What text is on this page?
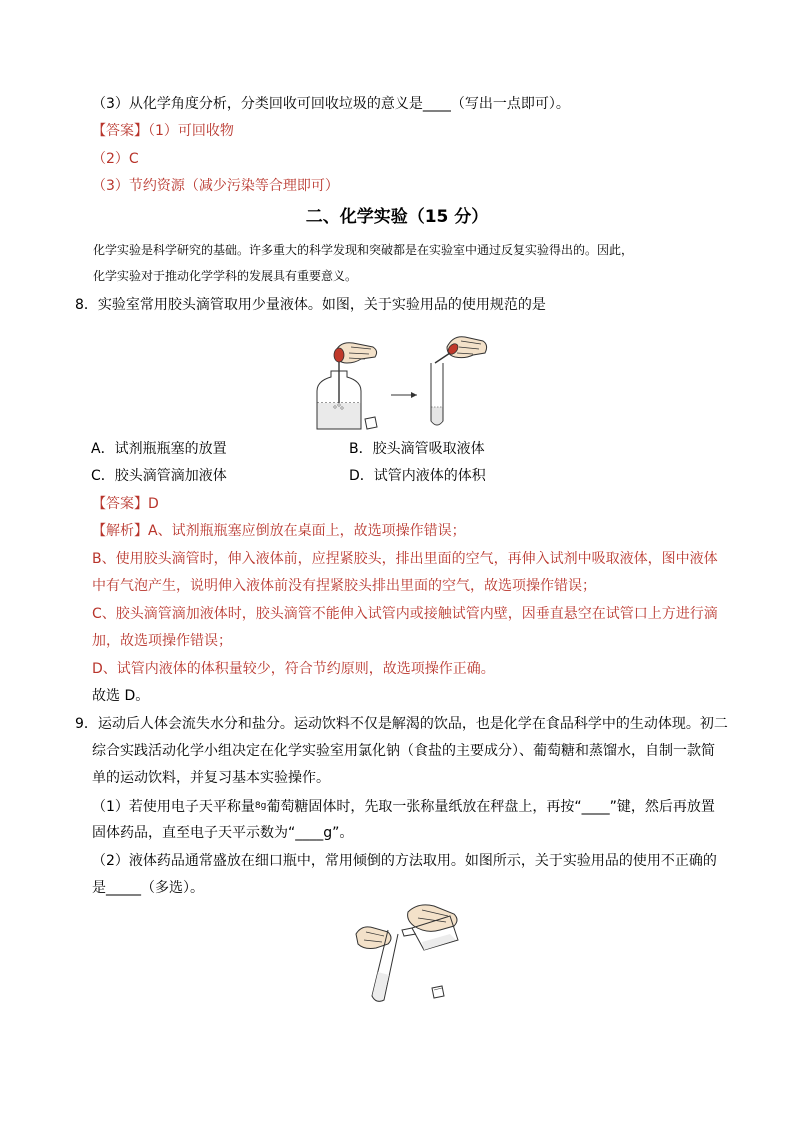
（3）从化学角度分析，分类回收可回收垃圾的意义是____（写出一点即可）。
【答案】（1）可回收物
（2）C
（3）节约资源（减少污染等合理即可）
二、化学实验（15 分）
化学实验是科学研究的基础。许多重大的科学发现和突破都是在实验室中通过反复实验得出的。因此，
化学实验对于推动化学学科的发展具有重要意义。
8．实验室常用胶头滴管取用少量液体。如图，关于实验用品的使用规范的是
A．试剂瓶瓶塞的放置	B．胶头滴管吸取液体
C．胶头滴管滴加液体	D．试管内液体的体积
【答案】D
【解析】A、试剂瓶瓶塞应倒放在桌面上，故选项操作错误；
B、使用胶头滴管时，伸入液体前，应捏紧胶头，排出里面的空气，再伸入试剂中吸取液体，图中液体
中有气泡产生，说明伸入液体前没有捏紧胶头排出里面的空气，故选项操作错误；
C、胶头滴管滴加液体时，胶头滴管不能伸入试管内或接触试管内壁，因垂直悬空在试管口上方进行滴
加，故选项操作错误；
D、试管内液体的体积量较少，符合节约原则，故选项操作正确。
故选 D。
9．运动后人体会流失水分和盐分。运动饮料不仅是解渴的饮品，也是化学在食品科学中的生动体现。初二
综合实践活动化学小组决定在化学实验室用氯化钠（食盐的主要成分）、葡萄糖和蒸馏水，自制一款简
单的运动饮料，并复习基本实验操作。
（1）若使用电子天平称量$^{8g}$葡萄糖固体时，先取一张称量纸放在秤盘上，再按“____”键，然后再放置
固体药品，直至电子天平示数为“____g”。
（2）液体药品通常盛放在细口瓶中，常用倾倒的方法取用。如图所示，关于实验用品的使用不正确的
是_____（多选）。
